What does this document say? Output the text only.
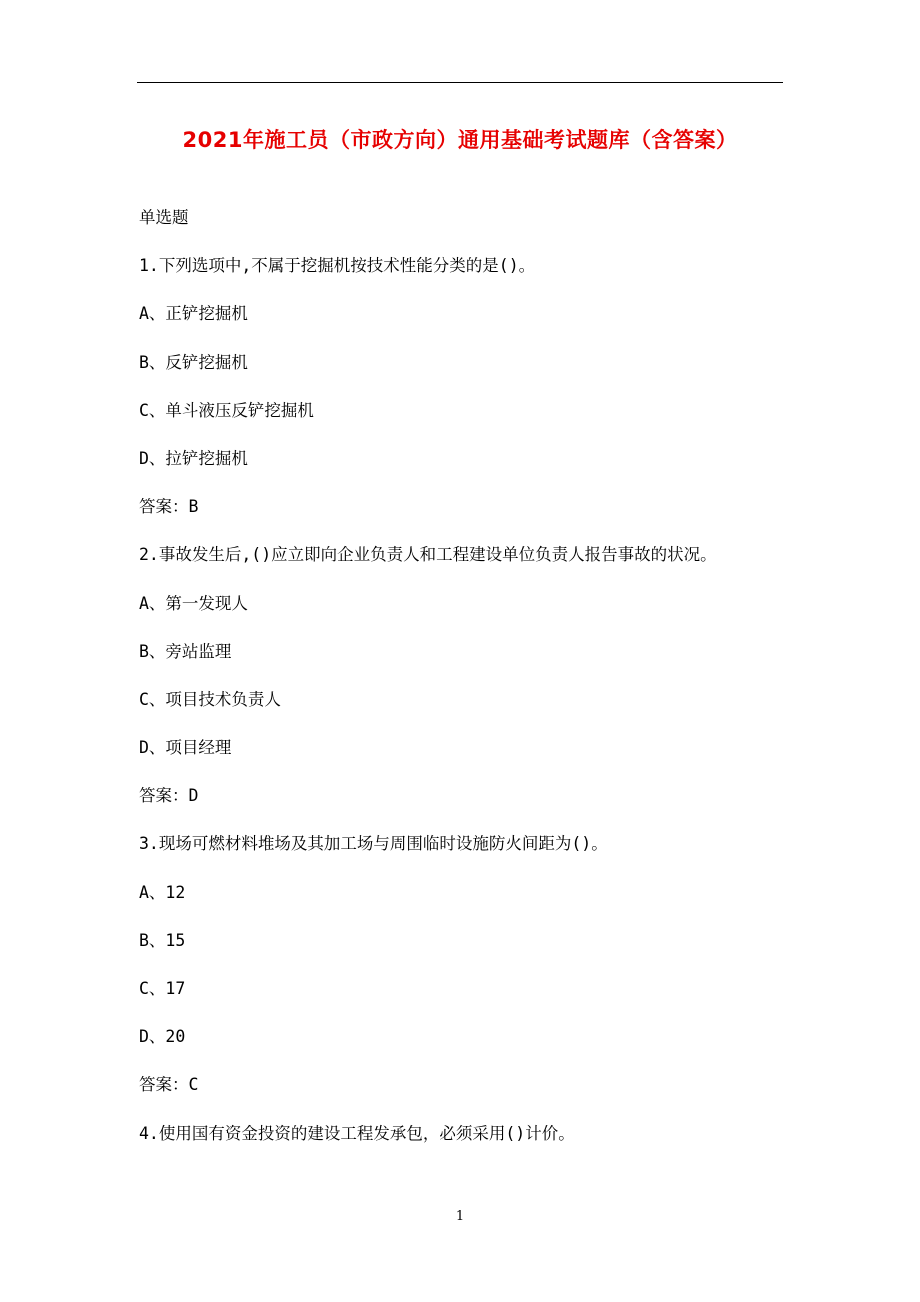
2021年施工员（市政方向）通用基础考试题库（含答案）
单选题
1.下列选项中,不属于挖掘机按技术性能分类的是()。
A、正铲挖掘机
B、反铲挖掘机
C、单斗液压反铲挖掘机
D、拉铲挖掘机
答案：B
2.事故发生后,()应立即向企业负责人和工程建设单位负责人报告事故的状况。
A、第一发现人
B、旁站监理
C、项目技术负责人
D、项目经理
答案：D
3.现场可燃材料堆场及其加工场与周围临时设施防火间距为()。
A、12
B、15
C、17
D、20
答案：C
4.使用国有资金投资的建设工程发承包，必须采用()计价。
1
